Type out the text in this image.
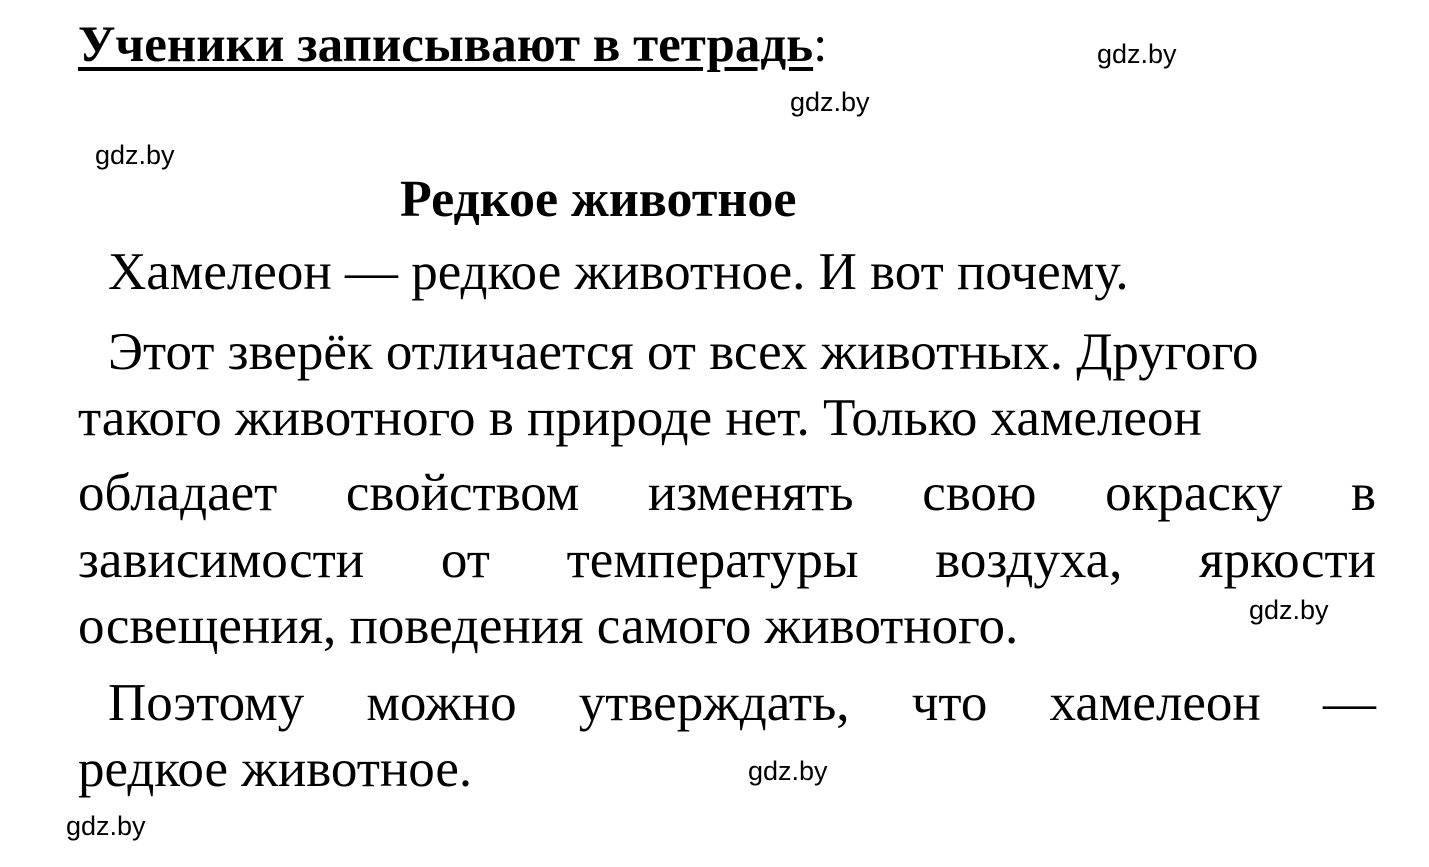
Ученики записывают в тетрадь:
Редкое животное
Хамелеон — редкое животное. И вот почему.
Этот зверёк отличается от всех животных. Другого
такого животного в природе нет. Только хамелеон
обладает свойством изменять свою окраску в
зависимости от температуры воздуха, яркости
освещения, поведения самого животного.
Поэтому можно утверждать, что хамелеон —
редкое животное.
gdz.by
gdz.by
gdz.by
gdz.by
gdz.by
gdz.by
